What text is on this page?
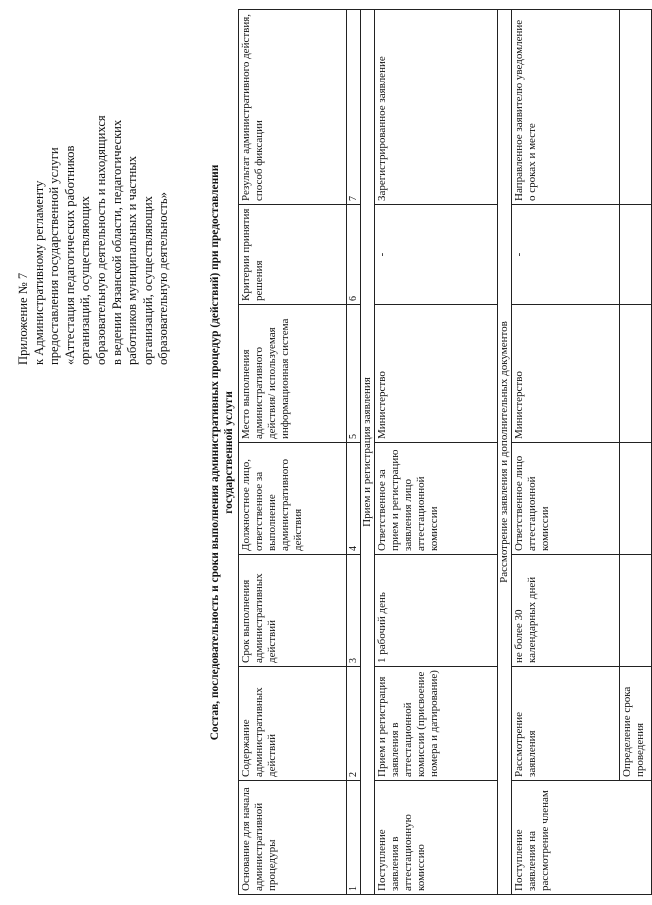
Приложение № 7 к Административному регламенту предоставления государственной услуги «Аттестация педагогических работников организаций, осуществляющих образовательную деятельность и находящихся в ведении Рязанской области, педагогических работников муниципальных и частных организаций, осуществляющих образовательную деятельность»	Состав, последовательность и сроки выполнения административных процедур (действий) при предоставлении государственной услуги
Основание для начала административной процедуры	Содержание административных действий	Срок выполнения административных действий	Должностное лицо, ответственное за выполнение административного действия	Место выполнения административного действия/ используемая информационная система	Критерии принятия решения	Результат административного действия, способ фиксации
1	2	3	4	5	6	7
Прием и регистрация заявления						
Поступление заявления в аттестационную комиссию	Прием и регистрация заявления в аттестационной комиссии (присвоение номера и датирование)	1 рабочий день	Ответственное за прием и регистрацию заявления лицо аттестационной комиссии	Министерство	-	Зарегистрированное заявление
Рассмотрение заявления и дополнительных документов						
Поступление заявления на рассмотрение членам	Рассмотрение заявления	не более 30 календарных дней	Ответственное лицо аттестационной комиссии	Министерство	-	Направленное заявителю уведомление о сроках и месте
	Определение срока проведения					
